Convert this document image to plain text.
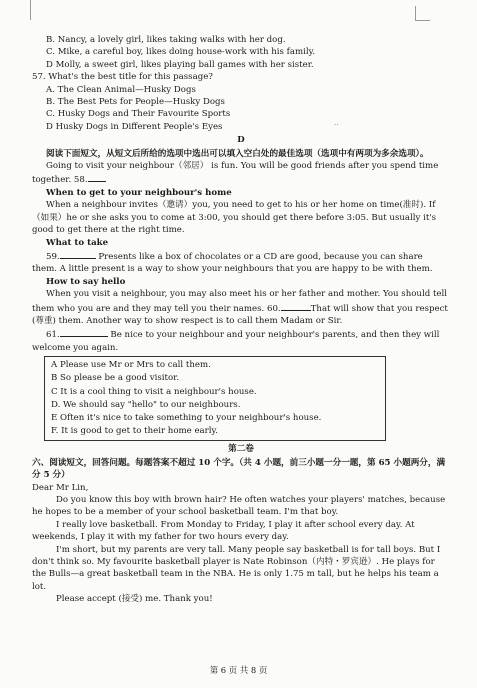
··

B. Nancy, a lovely girl, likes taking walks with her dog.

C. Mike, a careful boy, likes doing house-work with his family.

D Molly, a sweet girl, likes playing ball games with her sister.

57. What's the best title for this passage?

A. The Clean Animal—Husky Dogs

B. The Best Pets for People—Husky Dogs

C. Husky Dogs and Their Favourite Sports

D Husky Dogs in Different People's Eyes

D

阅读下面短文，从短文后所给的选项中选出可以填入空白处的最佳选项（选项中有两项为多余选项）。

Going to visit your neighbour（邻居） is fun. You will be good friends after you spend time

together. 58.

When to get to your neighbour's home

When a neighbour invites（邀请）you, you need to get to his or her home on time(准时). If（如果）he or she asks you to come at 3:00, you should get there before 3:05. But usually it's good to get there at the right time.

What to take

59.	Presents like a box of chocolates or a CD are good, because you can share them. A little present is a way to show your neighbours that you are happy to be with them.

How to say hello

When you visit a neighbour, you may also meet his or her father and mother. You should tell them who you are and they may tell you their names. 60.	That will show that you respect (尊重) them. Another way to show respect is to call them Madam or Sir.

61.	Be nice to your neighbour and your neighbour's parents, and then they will welcome you again.

A Please use Mr or Mrs to call them.

B So please be a good visitor.

C It is a cool thing to visit a neighbour's house.

D. We should say "hello" to our neighbours.

E Often it's nice to take something to your neighbour's house.

F. It is good to get to their home early.

第二卷

六、阅读短文，回答问题。每题答案不超过 10 个字。（共 4 小题，前三小题一分一题，第 65 小题两分，满分 5 分）

Dear Mr Lin,

Do you know this boy with brown hair? He often watches your players' matches, because he hopes to be a member of your school basketball team. I'm that boy.

I really love basketball. From Monday to Friday, I play it after school every day. At weekends, I play it with my father for two hours every day.

I'm short, but my parents are very tall. Many people say basketball is for tall boys. But I don't think so. My favourite basketball player is Nate Robinson（内特・罗宾逊）. He plays for the Bulls—a great basketball team in the NBA. He is only 1.75 m tall, but he helps his team a lot.

Please accept (接受) me. Thank you!

第 6 页 共 8 页
